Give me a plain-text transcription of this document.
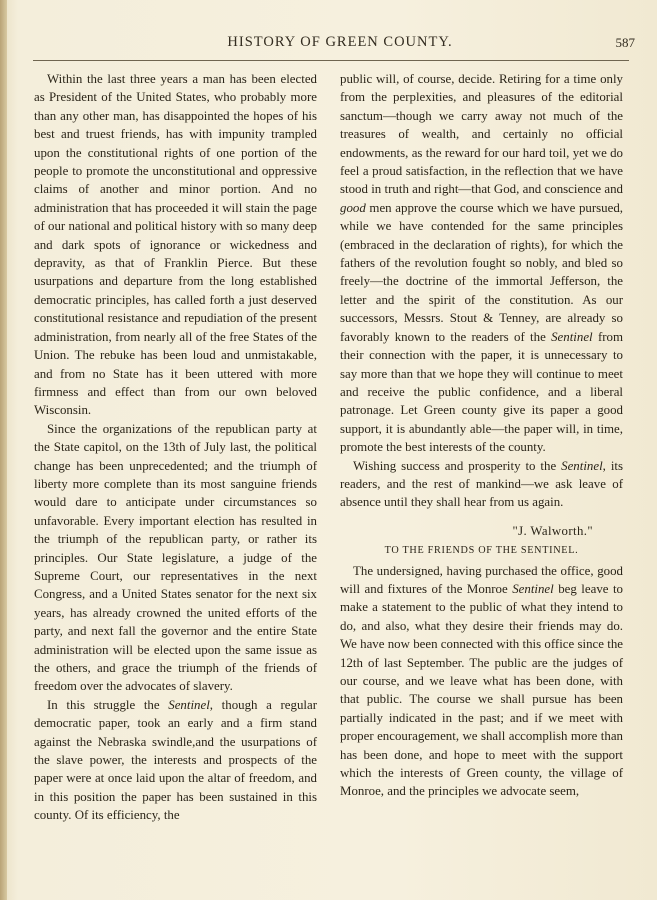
HISTORY OF GREEN COUNTY.	587

Within the last three years a man has been elected as President of the United States, who probably more than any other man, has disappointed the hopes of his best and truest friends, has with impunity trampled upon the constitutional rights of one portion of the people to promote the unconstitutional and oppressive claims of another and minor portion. And no administration that has proceeded it will stain the page of our national and political history with so many deep and dark spots of ignorance or wickedness and depravity, as that of Franklin Pierce. But these usurpations and departure from the long established democratic principles, has called forth a just deserved constitutional resistance and repudiation of the present administration, from nearly all of the free States of the Union. The rebuke has been loud and unmistakable, and from no State has it been uttered with more firmness and effect than from our own beloved Wisconsin.

Since the organizations of the republican party at the State capitol, on the 13th of July last, the political change has been unprecedented; and the triumph of liberty more complete than its most sanguine friends would dare to anticipate under circumstances so unfavorable. Every important election has resulted in the triumph of the republican party, or rather its principles. Our State legislature, a judge of the Supreme Court, our representatives in the next Congress, and a United States senator for the next six years, has already crowned the united efforts of the party, and next fall the governor and the entire State administration will be elected upon the same issue as the others, and grace the triumph of the friends of freedom over the advocates of slavery.

In this struggle the Sentinel, though a regular democratic paper, took an early and a firm stand against the Nebraska swindle,and the usurpations of the slave power, the interests and prospects of the paper were at once laid upon the altar of freedom, and in this position the paper has been sustained in this county. Of its efficiency, the

public will, of course, decide. Retiring for a time only from the perplexities, and pleasures of the editorial sanctum—though we carry away not much of the treasures of wealth, and certainly no official endowments, as the reward for our hard toil, yet we do feel a proud satisfaction, in the reflection that we have stood in truth and right—that God, and conscience and good men approve the course which we have pursued, while we have contended for the same principles (embraced in the declaration of rights), for which the fathers of the revolution fought so nobly, and bled so freely—the doctrine of the immortal Jefferson, the letter and the spirit of the constitution. As our successors, Messrs. Stout & Tenney, are already so favorably known to the readers of the Sentinel from their connection with the paper, it is unnecessary to say more than that we hope they will continue to meet and receive the public confidence, and a liberal patronage. Let Green county give its paper a good support, it is abundantly able—the paper will, in time, promote the best interests of the county.

Wishing success and prosperity to the Sentinel, its readers, and the rest of mankind—we ask leave of absence until they shall hear from us again.

"J. Walworth."
TO THE FRIENDS OF THE SENTINEL.

The undersigned, having purchased the office, good will and fixtures of the Monroe Sentinel beg leave to make a statement to the public of what they intend to do, and also, what they desire their friends may do. We have now been connected with this office since the 12th of last September. The public are the judges of our course, and we leave what has been done, with that public. The course we shall pursue has been partially indicated in the past; and if we meet with proper encouragement, we shall accomplish more than has been done, and hope to meet with the support which the interests of Green county, the village of Monroe, and the principles we advocate seem,
